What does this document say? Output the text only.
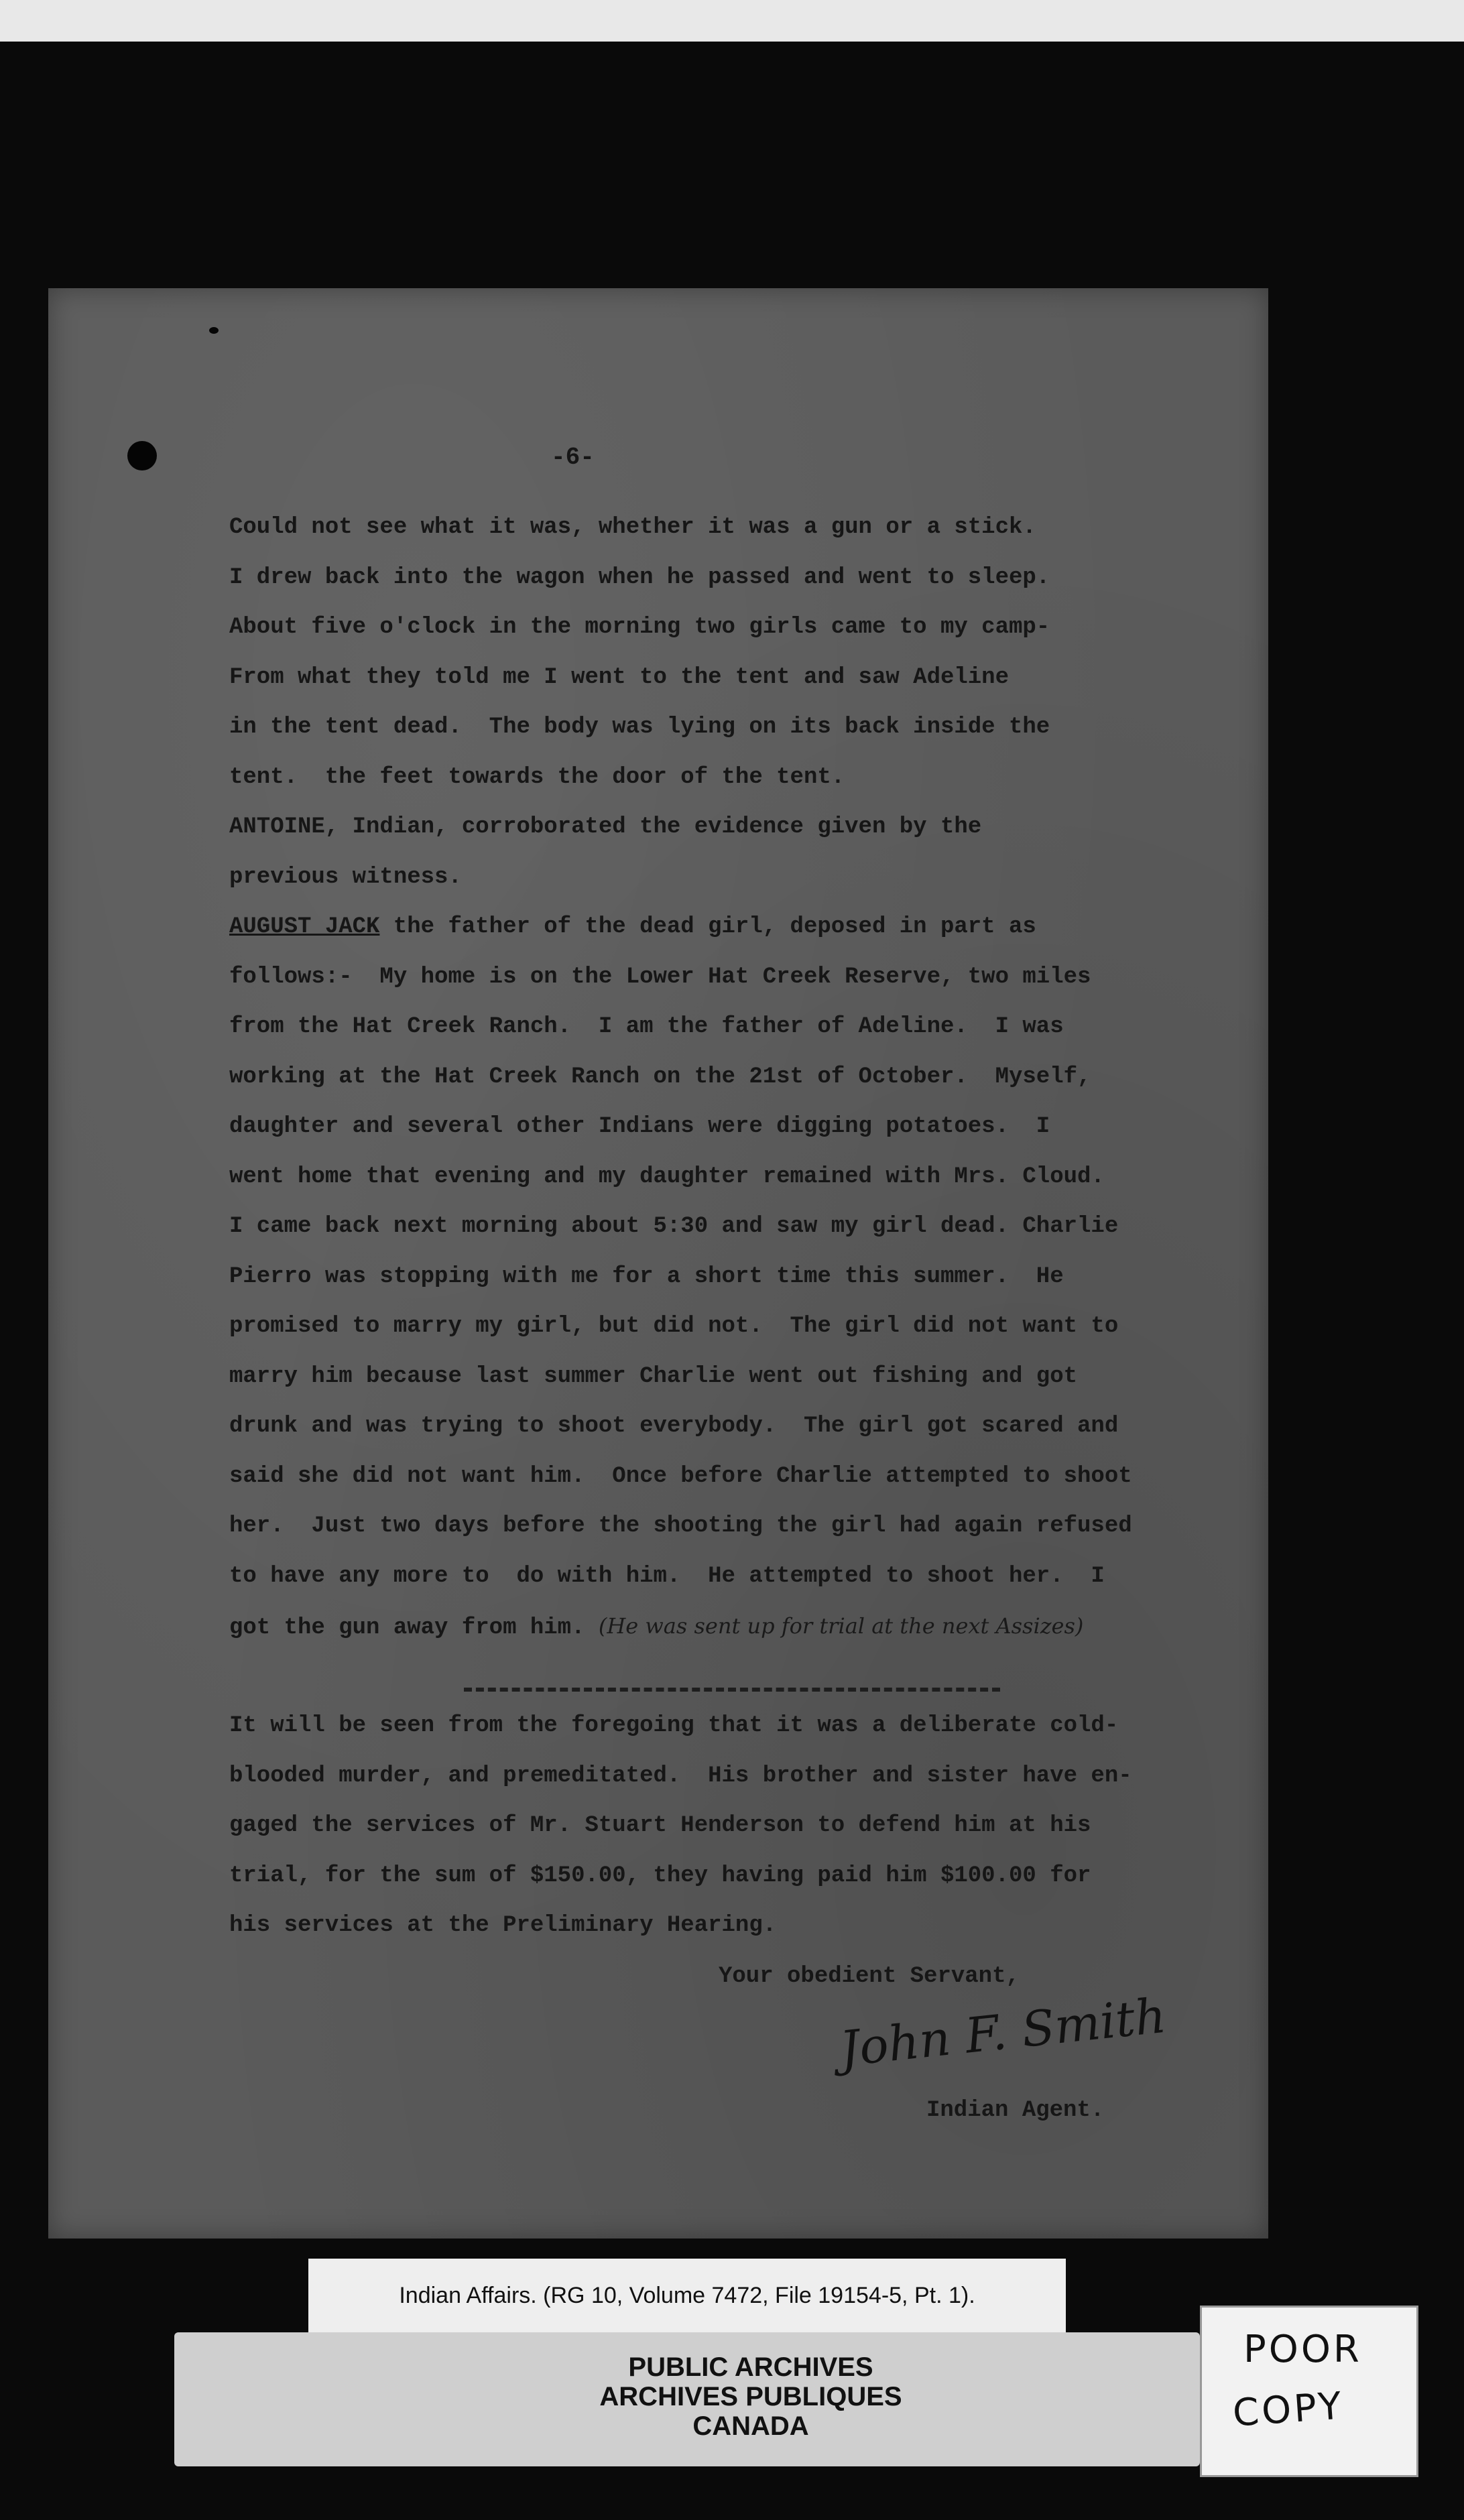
-6-
Could not see what it was, whether it was a gun or a stick.
I drew back into the wagon when he passed and went to sleep.
About five o'clock in the morning two girls came to my camp-
From what they told me I went to the tent and saw Adeline
in the tent dead.  The body was lying on its back inside the
tent.  the feet towards the door of the tent.
ANTOINE, Indian, corroborated the evidence given by the
previous witness.
AUGUST JACK the father of the dead girl, deposed in part as
follows:-  My home is on the Lower Hat Creek Reserve, two miles
from the Hat Creek Ranch.  I am the father of Adeline.  I was
working at the Hat Creek Ranch on the 21st of October.  Myself,
daughter and several other Indians were digging potatoes.  I
went home that evening and my daughter remained with Mrs. Cloud.
I came back next morning about 5:30 and saw my girl dead. Charlie
Pierro was stopping with me for a short time this summer.  He
promised to marry my girl, but did not.  The girl did not want to
marry him because last summer Charlie went out fishing and got
drunk and was trying to shoot everybody.  The girl got scared and
said she did not want him.  Once before Charlie attempted to shoot
her.  Just two days before the shooting the girl had again refused
to have any more to  do with him.  He attempted to shoot her.  I
got the gun away from him. (He was sent up for trial at the next Assizes)
It will be seen from the foregoing that it was a deliberate cold-
blooded murder, and premeditated.  His brother and sister have en-
gaged the services of Mr. Stuart Henderson to defend him at his
trial, for the sum of $150.00, they having paid him $100.00 for
his services at the Preliminary Hearing.
Your obedient Servant,
John F. Smith
Indian Agent.
Indian Affairs. (RG 10, Volume 7472, File 19154-5, Pt. 1).
PUBLIC ARCHIVES
ARCHIVES PUBLIQUES
CANADA
POOR
COPY
